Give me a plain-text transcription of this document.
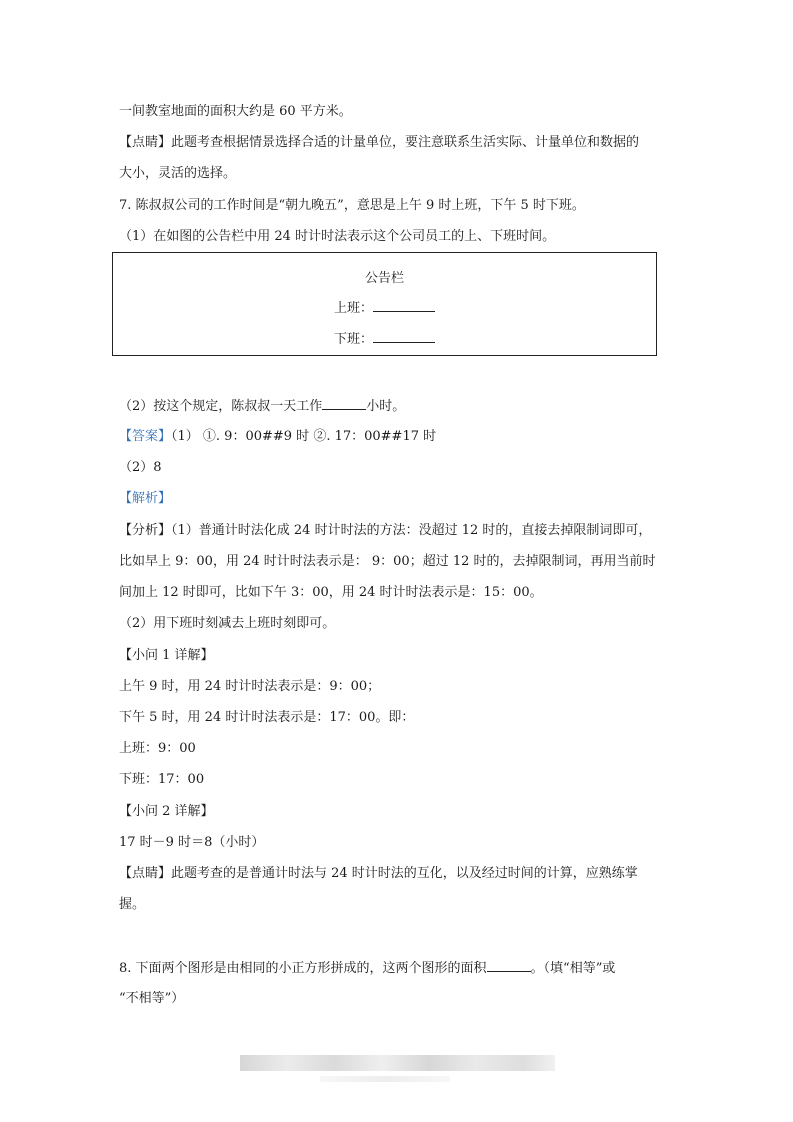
一间教室地面的面积大约是 60 平方米。
【点睛】此题考查根据情景选择合适的计量单位，要注意联系生活实际、计量单位和数据的
大小，灵活的选择。
7. 陈叔叔公司的工作时间是“朝九晚五”，意思是上午 9 时上班，下午 5 时下班。
（1）在如图的公告栏中用 24 时计时法表示这个公司员工的上、下班时间。
公告栏
上班：
下班：
（2）按这个规定，陈叔叔一天工作	小时。
【答案】（1） ①. 9：00##9 时 ②. 17：00##17 时
（2）8
【解析】
【分析】（1）普通计时法化成 24 时计时法的方法：没超过 12 时的，直接去掉限制词即可，
比如早上 9：00，用 24 时计时法表示是： 9：00；超过 12 时的，去掉限制词，再用当前时
间加上 12 时即可，比如下午 3：00，用 24 时计时法表示是：15：00。
（2）用下班时刻减去上班时刻即可。
【小问 1 详解】
上午 9 时，用 24 时计时法表示是：9：00；
下午 5 时，用 24 时计时法表示是：17：00。即：
上班：9：00
下班：17：00
【小问 2 详解】
17 时－9 时＝8（小时）
【点睛】此题考查的是普通计时法与 24 时计时法的互化，以及经过时间的计算，应熟练掌
握。
8. 下面两个图形是由相同的小正方形拼成的，这两个图形的面积	。（填“相等”或
“不相等”）
